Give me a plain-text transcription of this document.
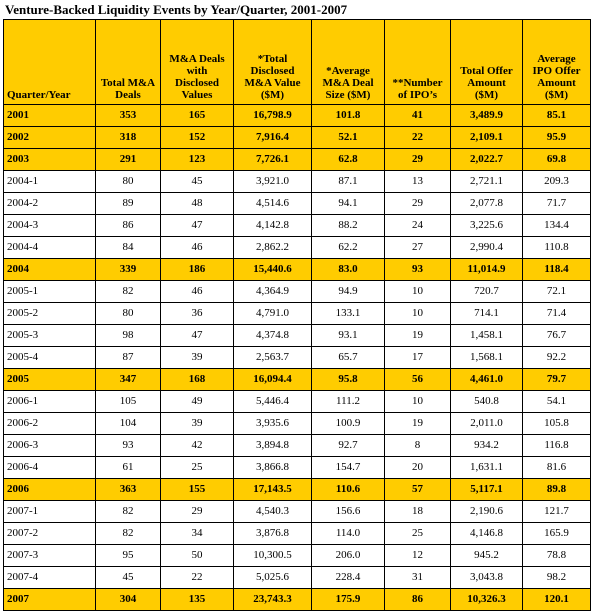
Venture-Backed Liquidity Events by Year/Quarter, 2001-2007
Quarter/Year	Total M&A Deals	M&A Deals with Disclosed Values	*Total Disclosed M&A Value ($M)	*Average M&A Deal Size ($M)	**Number of IPO’s	Total Offer Amount ($M)	Average IPO Offer Amount ($M)
2001	353	165	16,798.9	101.8	41	3,489.9	85.1
2002	318	152	7,916.4	52.1	22	2,109.1	95.9
2003	291	123	7,726.1	62.8	29	2,022.7	69.8
2004-1	80	45	3,921.0	87.1	13	2,721.1	209.3
2004-2	89	48	4,514.6	94.1	29	2,077.8	71.7
2004-3	86	47	4,142.8	88.2	24	3,225.6	134.4
2004-4	84	46	2,862.2	62.2	27	2,990.4	110.8
2004	339	186	15,440.6	83.0	93	11,014.9	118.4
2005-1	82	46	4,364.9	94.9	10	720.7	72.1
2005-2	80	36	4,791.0	133.1	10	714.1	71.4
2005-3	98	47	4,374.8	93.1	19	1,458.1	76.7
2005-4	87	39	2,563.7	65.7	17	1,568.1	92.2
2005	347	168	16,094.4	95.8	56	4,461.0	79.7
2006-1	105	49	5,446.4	111.2	10	540.8	54.1
2006-2	104	39	3,935.6	100.9	19	2,011.0	105.8
2006-3	93	42	3,894.8	92.7	8	934.2	116.8
2006-4	61	25	3,866.8	154.7	20	1,631.1	81.6
2006	363	155	17,143.5	110.6	57	5,117.1	89.8
2007-1	82	29	4,540.3	156.6	18	2,190.6	121.7
2007-2	82	34	3,876.8	114.0	25	4,146.8	165.9
2007-3	95	50	10,300.5	206.0	12	945.2	78.8
2007-4	45	22	5,025.6	228.4	31	3,043.8	98.2
2007	304	135	23,743.3	175.9	86	10,326.3	120.1
